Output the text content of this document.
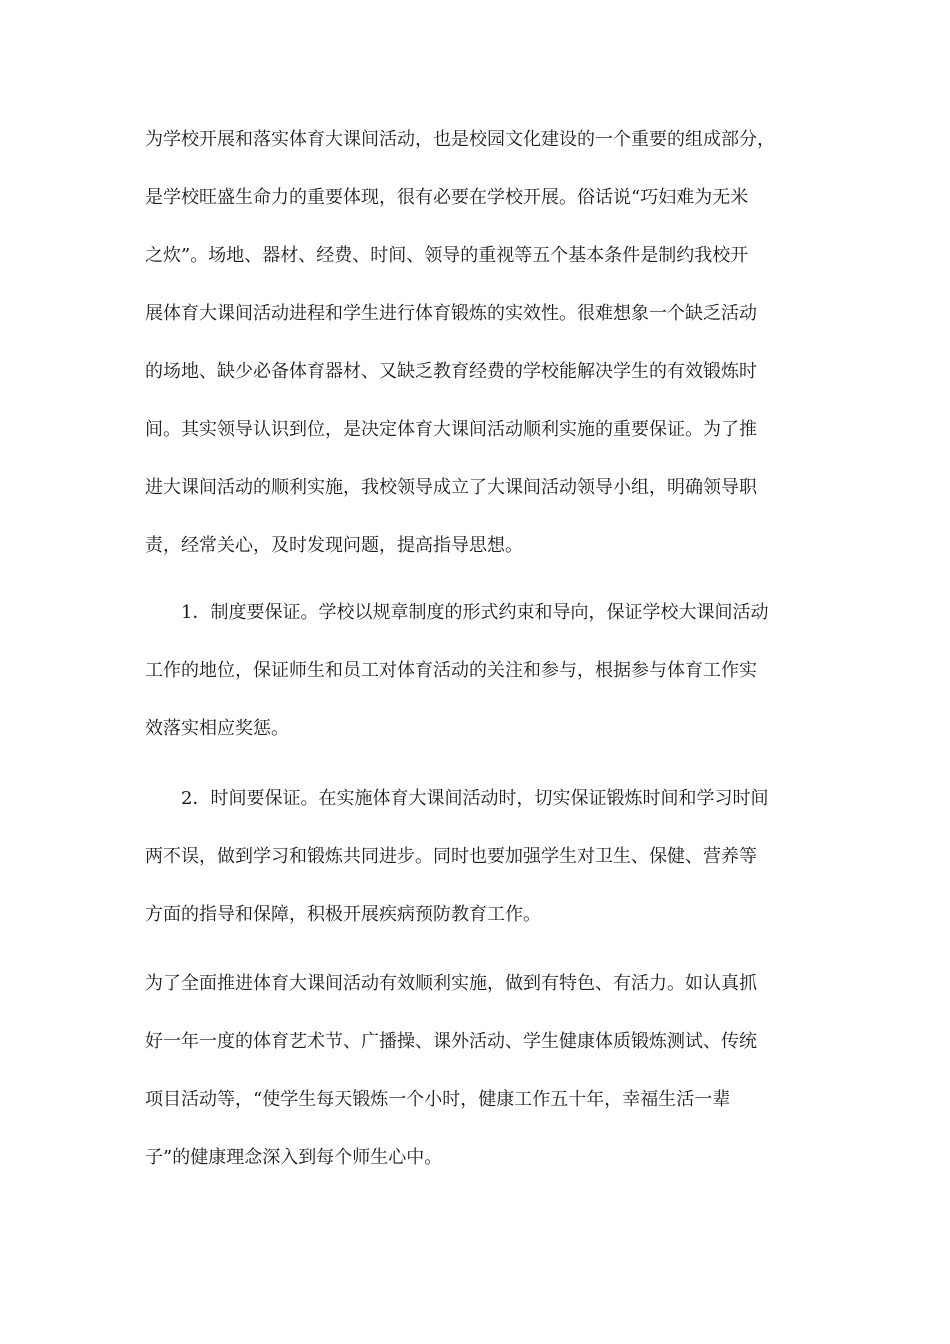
为学校开展和落实体育大课间活动，也是校园文化建设的一个重要的组成部分，

是学校旺盛生命力的重要体现，很有必要在学校开展。俗话说“巧妇难为无米

之炊”。场地、器材、经费、时间、领导的重视等五个基本条件是制约我校开

展体育大课间活动进程和学生进行体育锻炼的实效性。很难想象一个缺乏活动

的场地、缺少必备体育器材、又缺乏教育经费的学校能解决学生的有效锻炼时

间。其实领导认识到位，是决定体育大课间活动顺利实施的重要保证。为了推

进大课间活动的顺利实施，我校领导成立了大课间活动领导小组，明确领导职

责，经常关心，及时发现问题，提高指导思想。

　　1．制度要保证。学校以规章制度的形式约束和导向，保证学校大课间活动

工作的地位，保证师生和员工对体育活动的关注和参与，根据参与体育工作实

效落实相应奖惩。

　　2．时间要保证。在实施体育大课间活动时，切实保证锻炼时间和学习时间

两不误，做到学习和锻炼共同进步。同时也要加强学生对卫生、保健、营养等

方面的指导和保障，积极开展疾病预防教育工作。

为了全面推进体育大课间活动有效顺利实施，做到有特色、有活力。如认真抓

好一年一度的体育艺术节、广播操、课外活动、学生健康体质锻炼测试、传统

项目活动等，“使学生每天锻炼一个小时，健康工作五十年，幸福生活一辈

子”的健康理念深入到每个师生心中。
